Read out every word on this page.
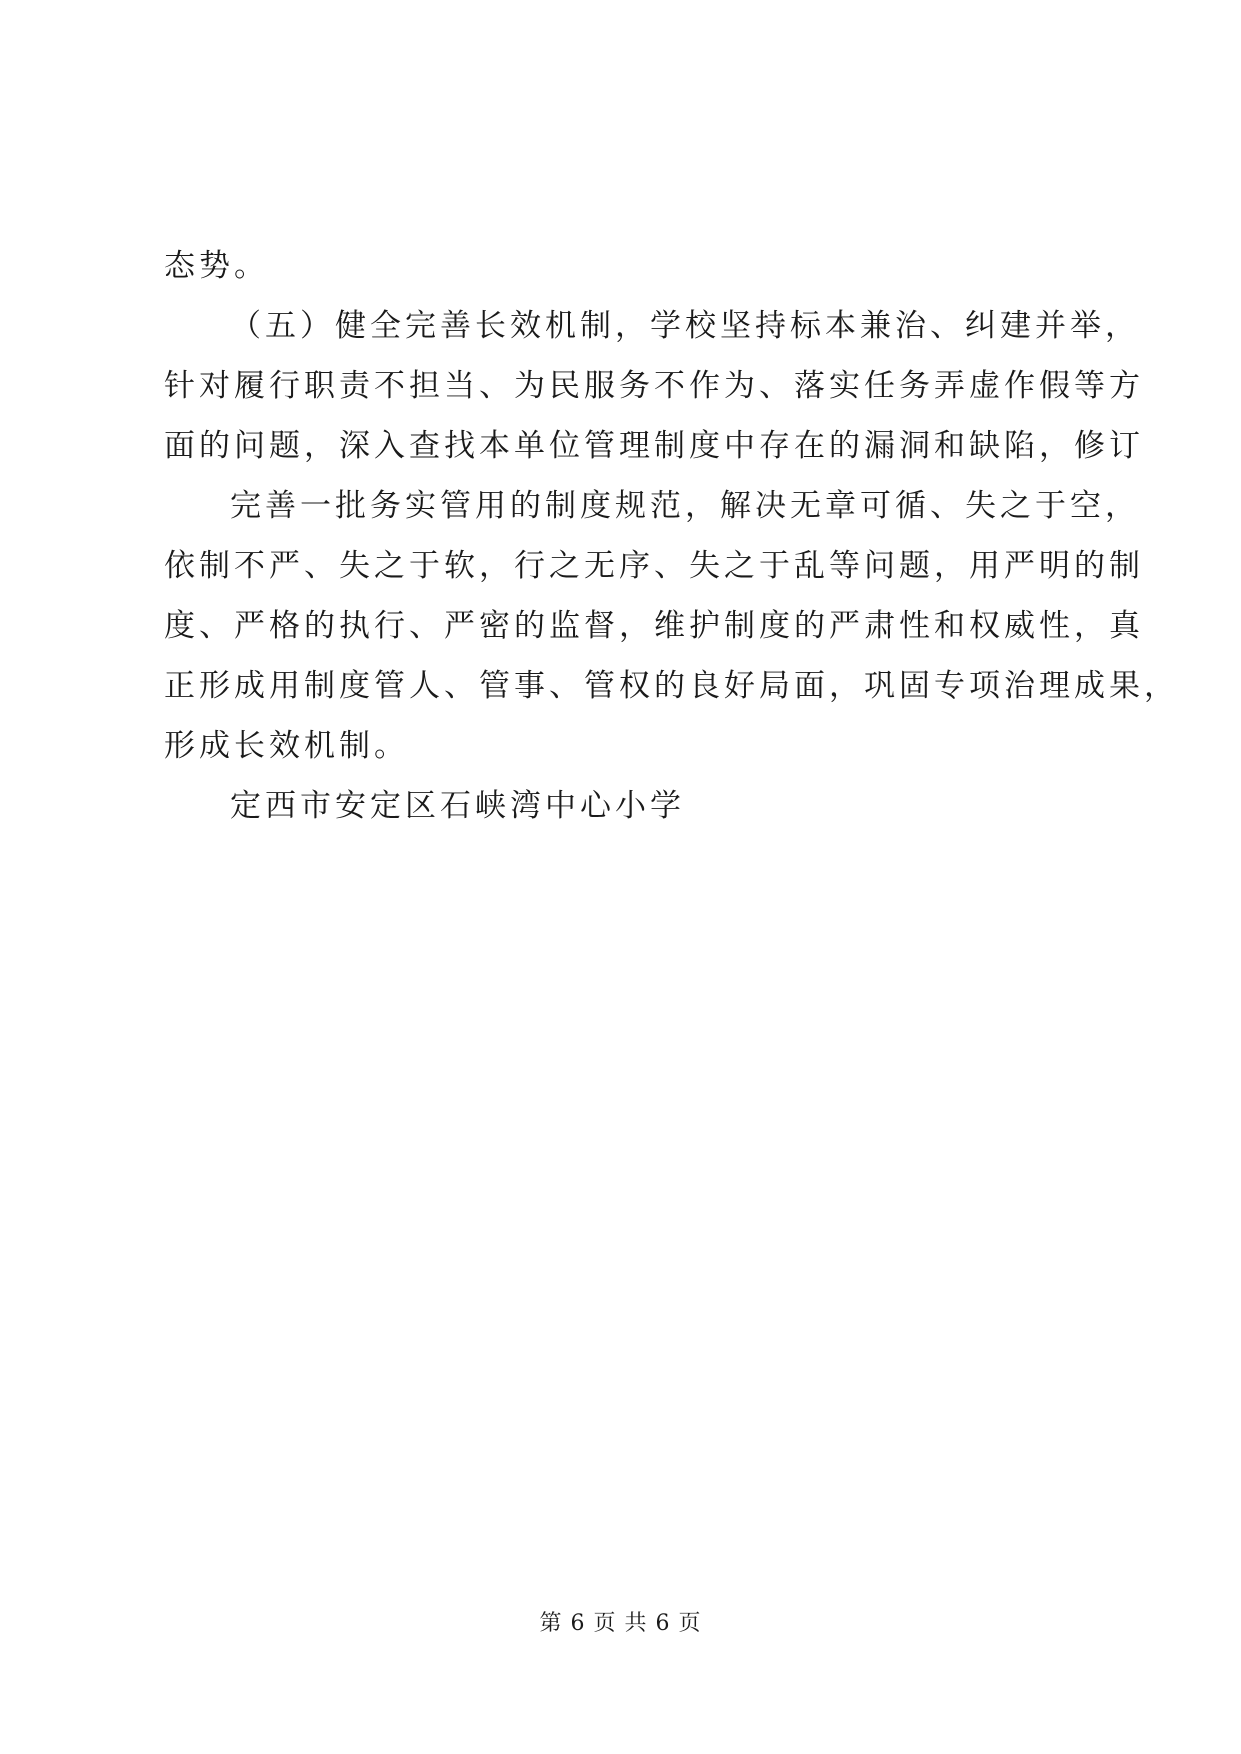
态势。
（五）健全完善长效机制，学校坚持标本兼治、纠建并举，
针对履行职责不担当、为民服务不作为、落实任务弄虚作假等方
面的问题，深入查找本单位管理制度中存在的漏洞和缺陷，修订
完善一批务实管用的制度规范，解决无章可循、失之于空，
依制不严、失之于软，行之无序、失之于乱等问题，用严明的制
度、严格的执行、严密的监督，维护制度的严肃性和权威性，真
正形成用制度管人、管事、管权的良好局面，巩固专项治理成果，
形成长效机制。
定西市安定区石峡湾中心小学
第 6 页 共 6 页
